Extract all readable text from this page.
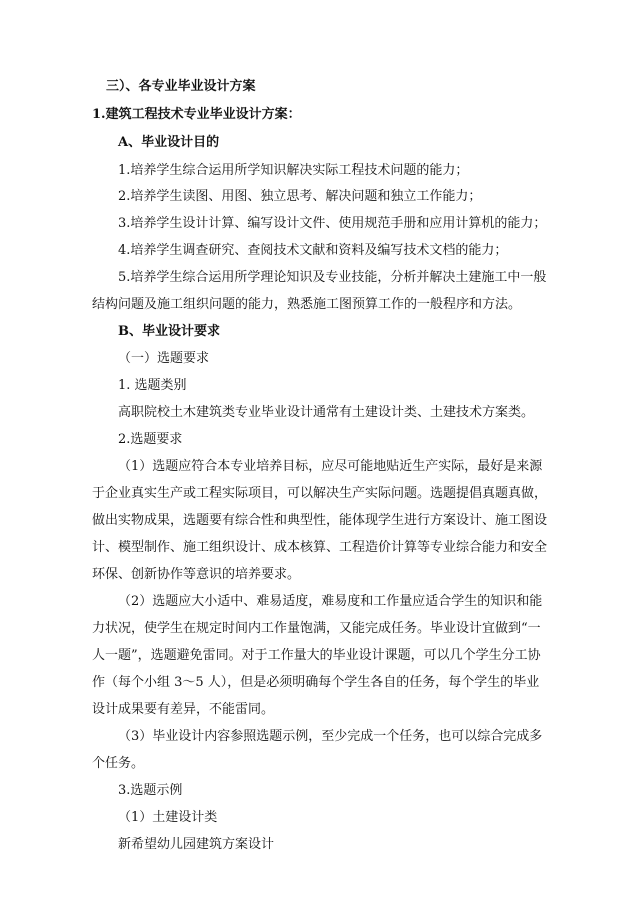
三）、各专业毕业设计方案
1.建筑工程技术专业毕业设计方案：
A、毕业设计目的
1.培养学生综合运用所学知识解决实际工程技术问题的能力；
2.培养学生读图、用图、独立思考、解决问题和独立工作能力；
3.培养学生设计计算、编写设计文件、使用规范手册和应用计算机的能力；
4.培养学生调查研究、查阅技术文献和资料及编写技术文档的能力；
5.培养学生综合运用所学理论知识及专业技能，分析并解决土建施工中一般
结构问题及施工组织问题的能力，熟悉施工图预算工作的一般程序和方法。
B、毕业设计要求
（一）选题要求
1. 选题类别
高职院校土木建筑类专业毕业设计通常有土建设计类、土建技术方案类。
2.选题要求
（1）选题应符合本专业培养目标，应尽可能地贴近生产实际，最好是来源
于企业真实生产或工程实际项目，可以解决生产实际问题。选题提倡真题真做，
做出实物成果，选题要有综合性和典型性，能体现学生进行方案设计、施工图设
计、模型制作、施工组织设计、成本核算、工程造价计算等专业综合能力和安全
环保、创新协作等意识的培养要求。
（2）选题应大小适中、难易适度，难易度和工作量应适合学生的知识和能
力状况，使学生在规定时间内工作量饱满，又能完成任务。毕业设计宜做到“一
人一题”，选题避免雷同。对于工作量大的毕业设计课题，可以几个学生分工协
作（每个小组 3～5 人），但是必须明确每个学生各自的任务，每个学生的毕业
设计成果要有差异，不能雷同。
（3）毕业设计内容参照选题示例，至少完成一个任务，也可以综合完成多
个任务。
3.选题示例
（1）土建设计类
新希望幼儿园建筑方案设计
